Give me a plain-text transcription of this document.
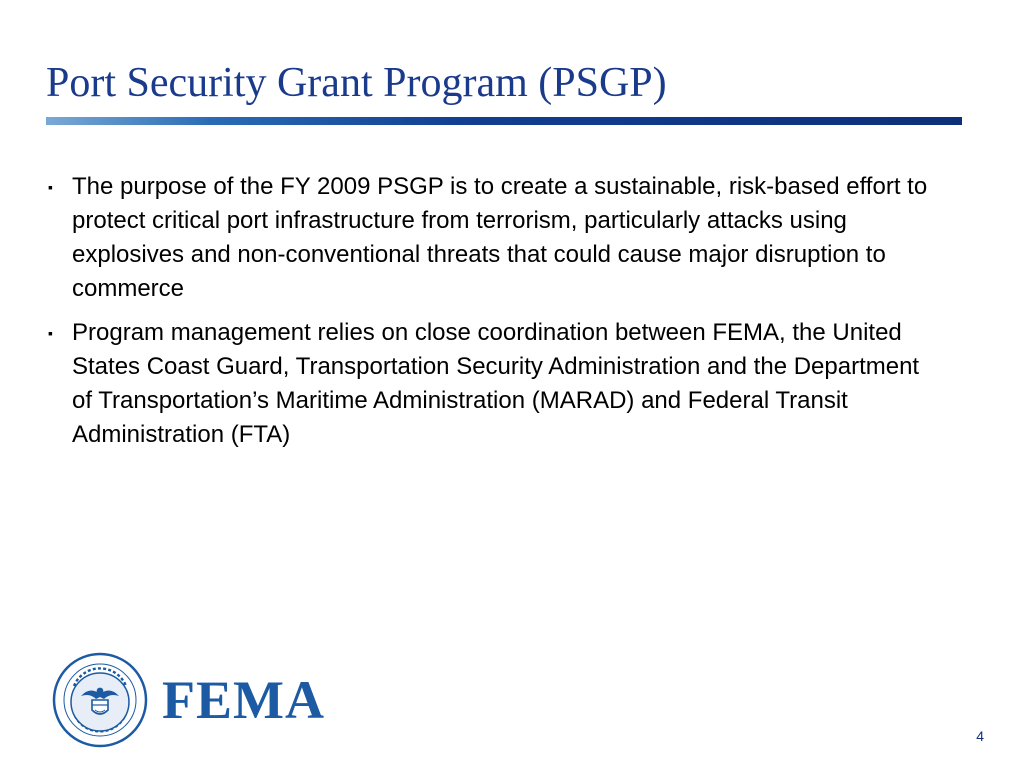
Port Security Grant Program (PSGP)
▪ The purpose of the FY 2009 PSGP is to create a sustainable, risk-based effort to protect critical port infrastructure from terrorism, particularly attacks using explosives and non-conventional threats that could cause major disruption to commerce
▪ Program management relies on close coordination between FEMA, the United States Coast Guard, Transportation Security Administration and the Department of Transportation’s Maritime Administration (MARAD) and Federal Transit Administration (FTA)
FEMA
4
